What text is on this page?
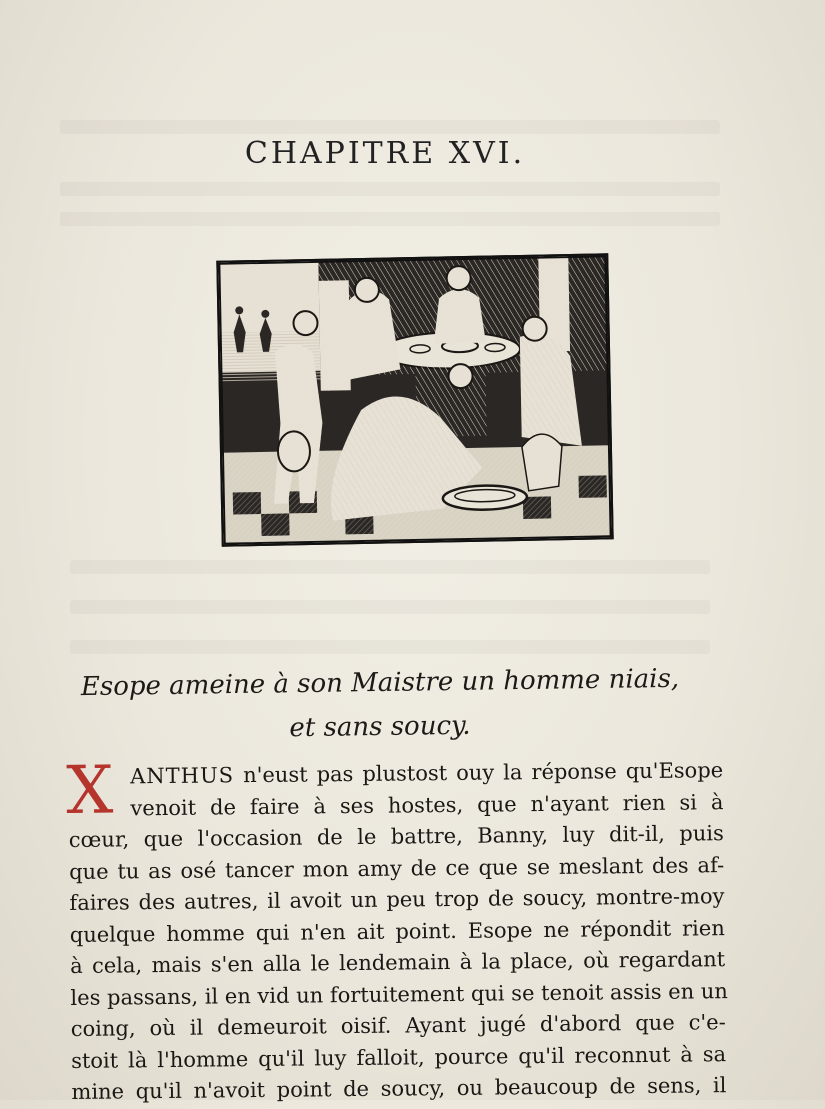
CHAPITRE XVI.
Esope ameine à son Maistre un homme niais,
et sans soucy.
X ANTHUS n'eust pas plustost ouy la réponse qu'Esope
venoit de faire à ses hostes, que n'ayant rien si à
cœur, que l'occasion de le battre, Banny, luy dit-il, puis
que tu as osé tancer mon amy de ce que se meslant des af-
faires des autres, il avoit un peu trop de soucy, montre-moy
quelque homme qui n'en ait point. Esope ne répondit rien
à cela, mais s'en alla le lendemain à la place, où regardant
les passans, il en vid un fortuitement qui se tenoit assis en un
coing, où il demeuroit oisif. Ayant jugé d'abord que c'e-
stoit là l'homme qu'il luy falloit, pource qu'il reconnut à sa
mine qu'il n'avoit point de soucy, ou beaucoup de sens, il
